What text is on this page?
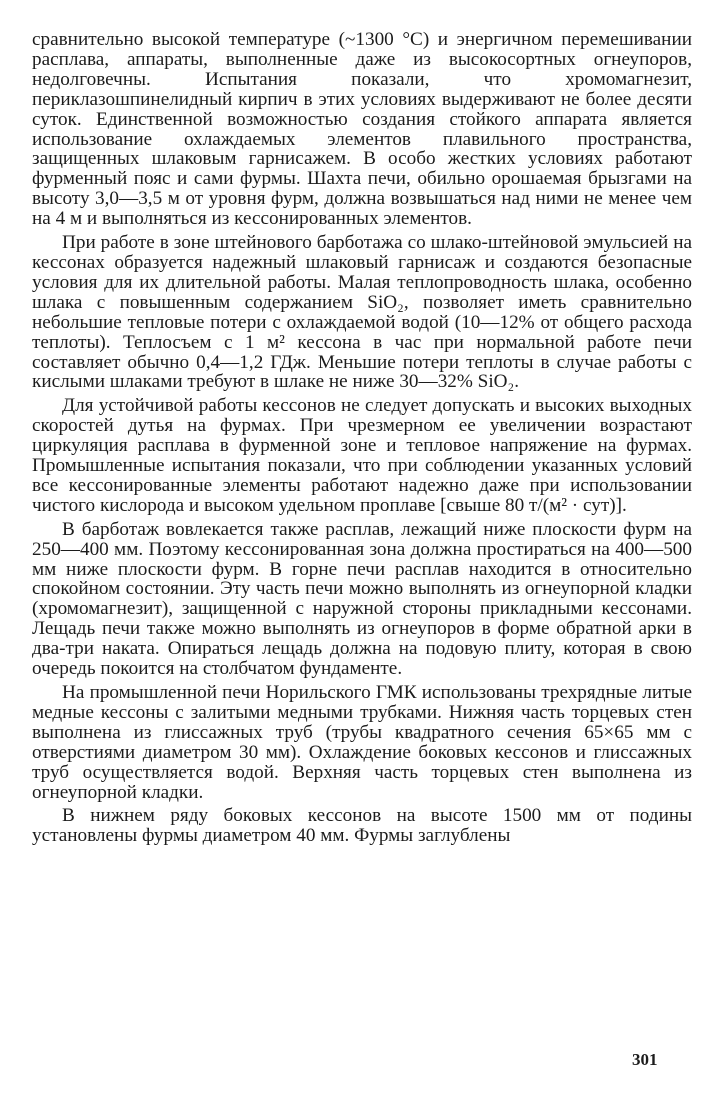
сравнительно высокой температуре (~1300 °C) и энергичном перемешивании расплава, аппараты, выполненные даже из высокосортных огнеупоров, недолговечны. Испытания показали, что хромомагнезит, периклазошпинелидный кирпич в этих условиях выдерживают не более десяти суток. Единственной возможностью создания стойкого аппарата является использование охлаждаемых элементов плавильного пространства, защищенных шлаковым гарнисажем. В особо жестких условиях работают фурменный пояс и сами фурмы. Шахта печи, обильно орошаемая брызгами на высоту 3,0—3,5 м от уровня фурм, должна возвышаться над ними не менее чем на 4 м и выполняться из кессонированных элементов.

При работе в зоне штейнового барботажа со шлако-штейновой эмульсией на кессонах образуется надежный шлаковый гарнисаж и создаются безопасные условия для их длительной работы. Малая теплопроводность шлака, особенно шлака с повышенным содержанием SiO₂, позволяет иметь сравнительно небольшие тепловые потери с охлаждаемой водой (10—12% от общего расхода теплоты). Теплосъем с 1 м² кессона в час при нормальной работе печи составляет обычно 0,4—1,2 ГДж. Меньшие потери теплоты в случае работы с кислыми шлаками требуют в шлаке не ниже 30—32% SiO₂.

Для устойчивой работы кессонов не следует допускать и высоких выходных скоростей дутья на фурмах. При чрезмерном ее увеличении возрастают циркуляция расплава в фурменной зоне и тепловое напряжение на фурмах. Промышленные испытания показали, что при соблюдении указанных условий все кессонированные элементы работают надежно даже при использовании чистого кислорода и высоком удельном проплаве [свыше 80 т/(м² · сут)].

В барботаж вовлекается также расплав, лежащий ниже плоскости фурм на 250—400 мм. Поэтому кессонированная зона должна простираться на 400—500 мм ниже плоскости фурм. В горне печи расплав находится в относительно спокойном состоянии. Эту часть печи можно выполнять из огнеупорной кладки (хромомагнезит), защищенной с наружной стороны прикладными кессонами. Лещадь печи также можно выполнять из огнеупоров в форме обратной арки в два-три наката. Опираться лещадь должна на подовую плиту, которая в свою очередь покоится на столбчатом фундаменте.

На промышленной печи Норильского ГМК использованы трехрядные литые медные кессоны с залитыми медными трубками. Нижняя часть торцевых стен выполнена из глиссажных труб (трубы квадратного сечения 65×65 мм с отверстиями диаметром 30 мм). Охлаждение боковых кессонов и глиссажных труб осуществляется водой. Верхняя часть торцевых стен выполнена из огнеупорной кладки.

В нижнем ряду боковых кессонов на высоте 1500 мм от подины установлены фурмы диаметром 40 мм. Фурмы заглублены

301
